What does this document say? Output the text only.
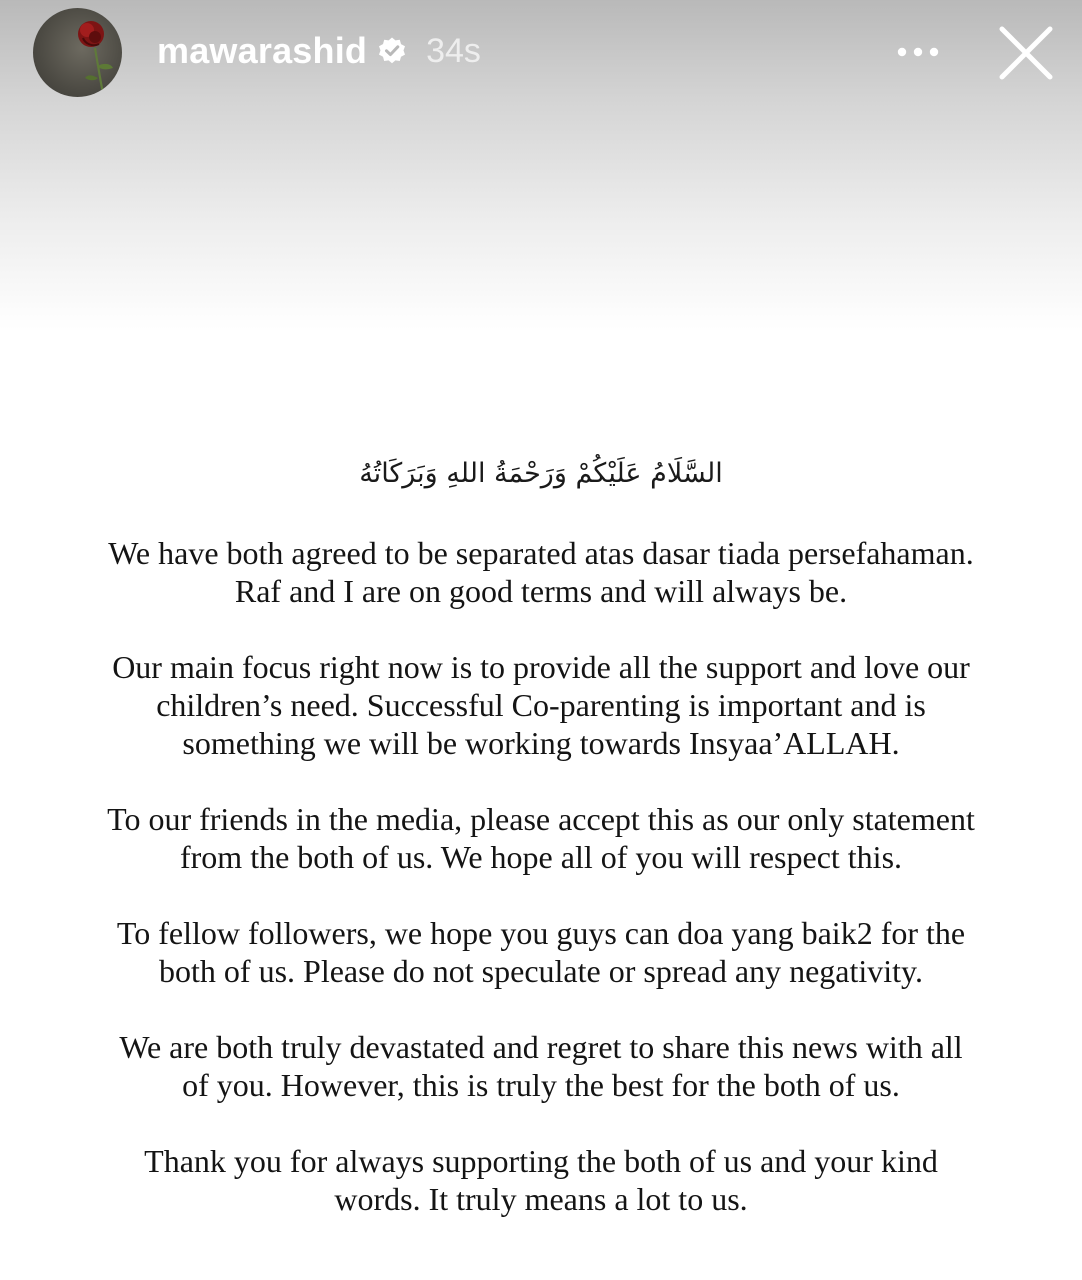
mawarashid 34s
السَّلَامُ عَلَيْكُمْ وَرَحْمَةُ اللهِ وَبَرَكَاتُهُ
We have both agreed to be separated atas dasar tiada persefahaman.
Raf and I are on good terms and will always be.
Our main focus right now is to provide all the support and love our
children’s need. Successful Co-parenting is important and is
something we will be working towards Insyaa’ALLAH.
To our friends in the media, please accept this as our only statement
from the both of us. We hope all of you will respect this.
To fellow followers, we hope you guys can doa yang baik2 for the
both of us. Please do not speculate or spread any negativity.
We are both truly devastated and regret to share this news with all
of you. However, this is truly the best for the both of us.
Thank you for always supporting the both of us and your kind
words. It truly means a lot to us.
